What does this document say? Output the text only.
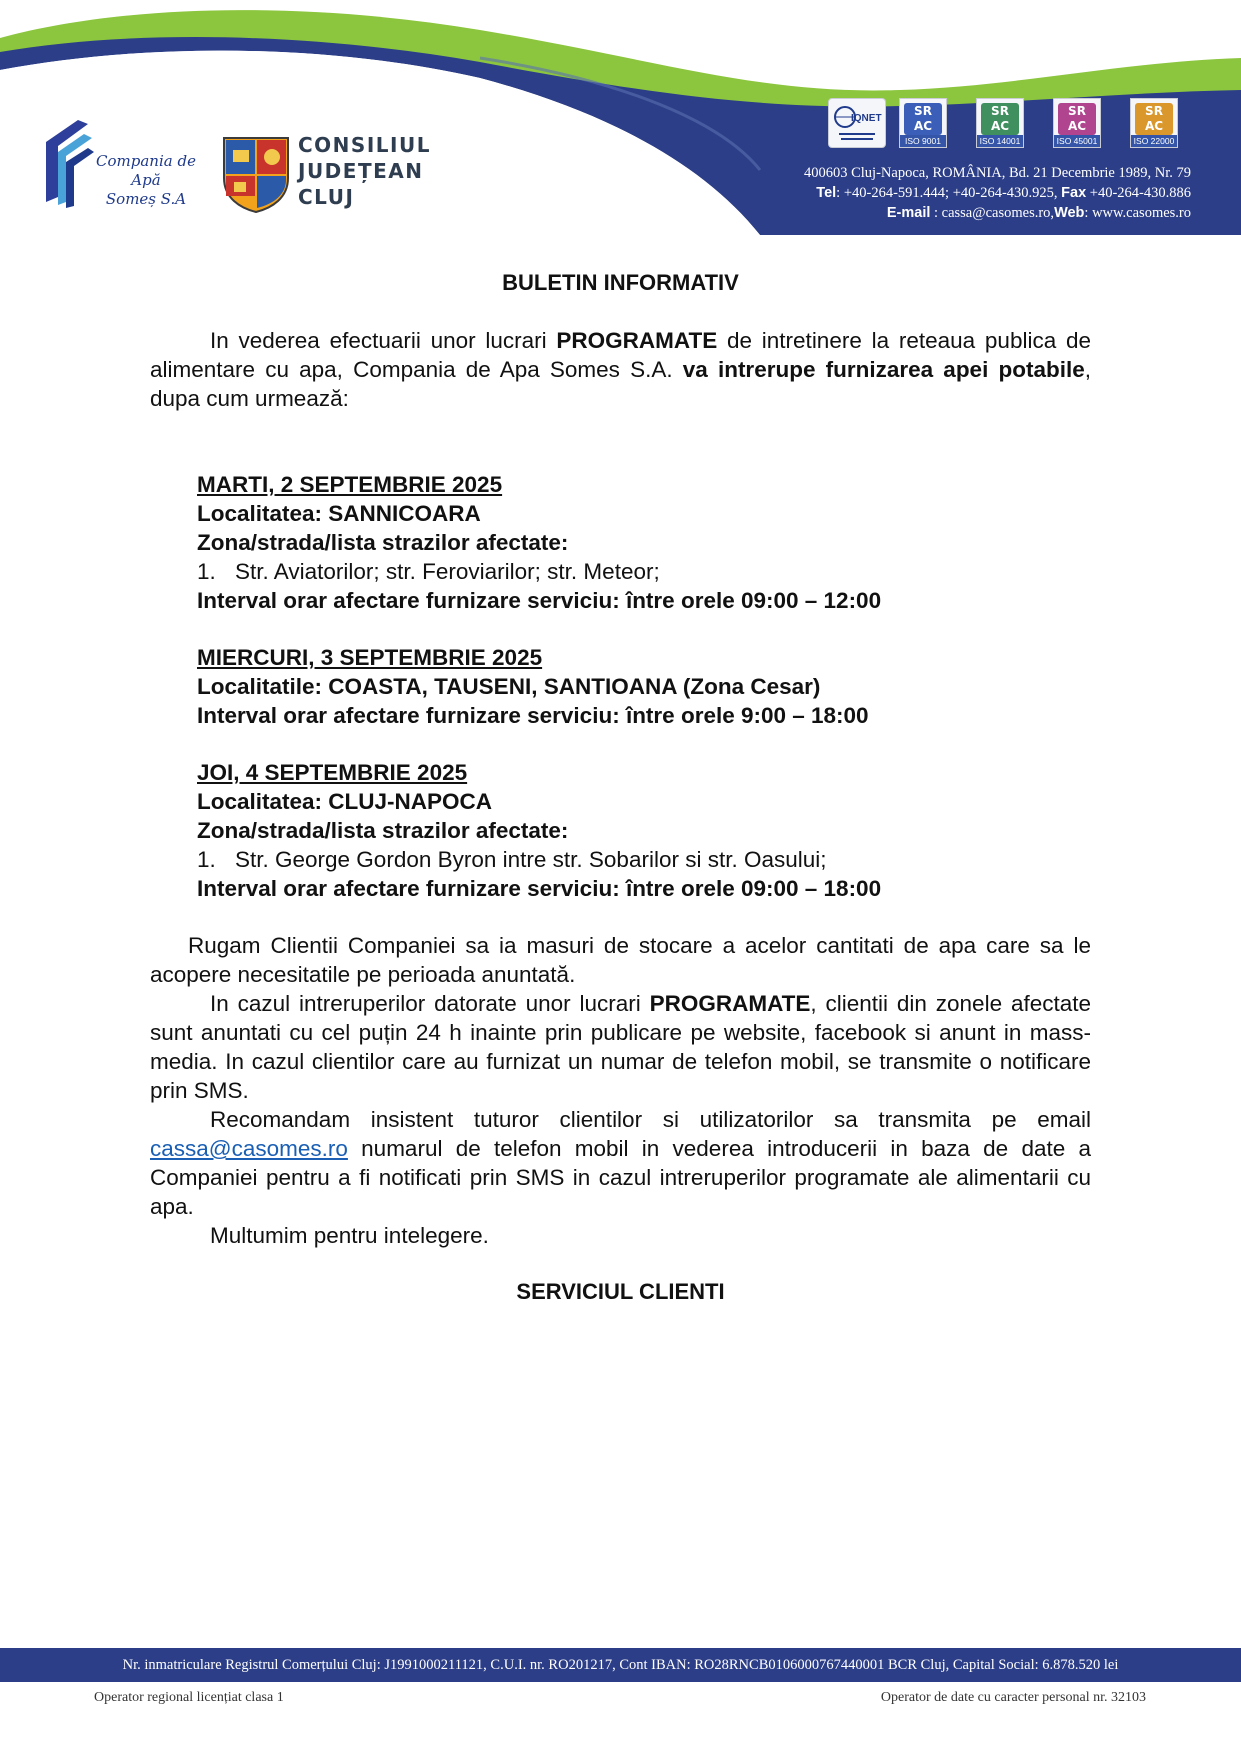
Compania de Apă
Someș S.A
CONSILIUL
JUDEȚEAN
CLUJ
IQNET
SR
AC
ISO 9001
SR
AC
ISO 14001
SR
AC
ISO 45001
SR
AC
ISO 22000
400603 Cluj-Napoca, ROMÂNIA, Bd. 21 Decembrie 1989, Nr. 79
Tel: +40-264-591.444; +40-264-430.925, Fax +40-264-430.886
E-mail : cassa@casomes.ro,Web: www.casomes.ro
BULETIN INFORMATIV
In vederea efectuarii unor lucrari PROGRAMATE de intretinere la reteaua publica de alimentare cu apa, Compania de Apa Somes S.A. va intrerupe furnizarea apei potabile, dupa cum urmează:
MARTI, 2 SEPTEMBRIE 2025
Localitatea: SANNICOARA
Zona/strada/lista strazilor afectate:
1. Str. Aviatorilor; str. Feroviarilor; str. Meteor;
Interval orar afectare furnizare serviciu: între orele 09:00 – 12:00
MIERCURI, 3 SEPTEMBRIE 2025
Localitatile: COASTA, TAUSENI, SANTIOANA (Zona Cesar)
Interval orar afectare furnizare serviciu: între orele 9:00 – 18:00
JOI, 4 SEPTEMBRIE 2025
Localitatea: CLUJ-NAPOCA
Zona/strada/lista strazilor afectate:
1. Str. George Gordon Byron intre str. Sobarilor si str. Oasului;
Interval orar afectare furnizare serviciu: între orele 09:00 – 18:00
Rugam Clientii Companiei sa ia masuri de stocare a acelor cantitati de apa care sa le acopere necesitatile pe perioada anuntată.
In cazul intreruperilor datorate unor lucrari PROGRAMATE, clientii din zonele afectate sunt anuntati cu cel puțin 24 h inainte prin publicare pe website, facebook si anunt in mass-media. In cazul clientilor care au furnizat un numar de telefon mobil, se transmite o notificare prin SMS.
Recomandam insistent tuturor clientilor si utilizatorilor sa transmita pe email cassa@casomes.ro numarul de telefon mobil in vederea introducerii in baza de date a Companiei pentru a fi notificati prin SMS in cazul intreruperilor programate ale alimentarii cu apa.
Multumim pentru intelegere.
SERVICIUL CLIENTI
Nr. inmatriculare Registrul Comerțului Cluj: J1991000211121, C.U.I. nr. RO201217, Cont IBAN: RO28RNCB0106000767440001 BCR Cluj, Capital Social: 6.878.520 lei
Operator regional licențiat clasa 1	Operator de date cu caracter personal nr. 32103
